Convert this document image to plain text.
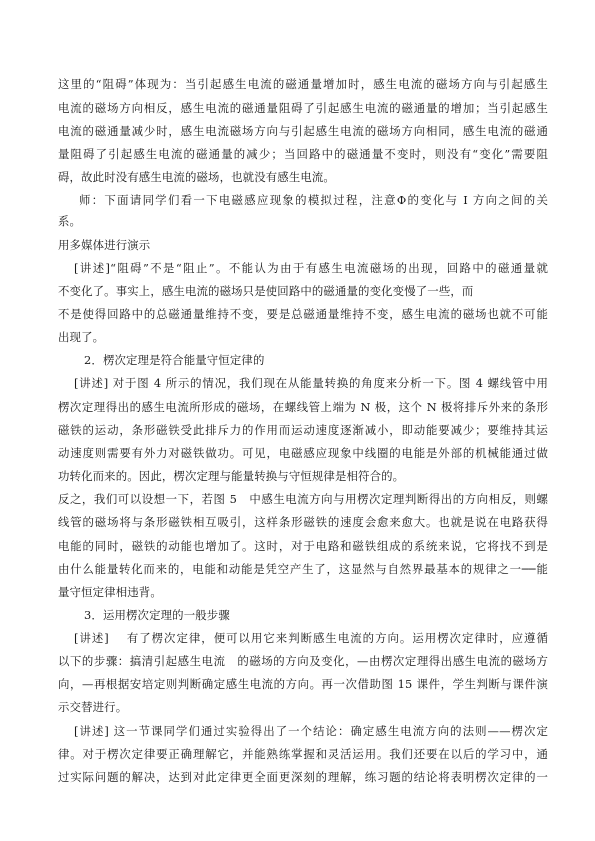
这里的“阻碍”体现为：当引起感生电流的磁通量增加时，感生电流的磁场方向与引起感生
电流的磁场方向相反，感生电流的磁通量阻碍了引起感生电流的磁通量的增加；当引起感生
电流的磁通量减少时，感生电流磁场方向与引起感生电流的磁场方向相同，感生电流的磁通
量阻碍了引起感生电流的磁通量的减少；当回路中的磁通量不变时，则没有“变化”需要阻
碍，故此时没有感生电流的磁场，也就没有感生电流。
师：下面请同学们看一下电磁感应现象的模拟过程，注意Φ的变化与 I 方向之间的关
系。
用多媒体进行演示
[讲述]“阻碍”不是“阻止”。不能认为由于有感生电流磁场的出现，回路中的磁通量就
不变化了。事实上，感生电流的磁场只是使回路中的磁通量的变化变慢了一些，而
不是使得回路中的总磁通量维持不变，要是总磁通量维持不变，感生电流的磁场也就不可能
出现了。
2．楞次定理是符合能量守恒定律的
[讲述] 对于图 4 所示的情况，我们现在从能量转换的角度来分析一下。图 4 螺线管中用
楞次定理得出的感生电流所形成的磁场，在螺线管上端为 N 极，这个 N 极将排斥外来的条形
磁铁的运动，条形磁铁受此排斥力的作用而运动速度逐渐减小，即动能要减少；要维持其运
动速度则需要有外力对磁铁做功。可见，电磁感应现象中线圈的电能是外部的机械能通过做
功转化而来的。因此，楞次定理与能量转换与守恒规律是相符合的。
反之，我们可以设想一下，若图 5　中感生电流方向与用楞次定理判断得出的方向相反，则螺
线管的磁场将与条形磁铁相互吸引，这样条形磁铁的速度会愈来愈大。也就是说在电路获得
电能的同时，磁铁的动能也增加了。这时，对于电路和磁铁组成的系统来说，它将找不到是
由什么能量转化而来的，电能和动能是凭空产生了，这显然与自然界最基本的规律之一──能
量守恒定律相违背。
3．运用楞次定理的一般步骤
[讲述]　 有了楞次定律，便可以用它来判断感生电流的方向。运用楞次定律时，应遵循
以下的步骤：搞清引起感生电流　的磁场的方向及变化，—由楞次定理得出感生电流的磁场方
向，—再根据安培定则判断确定感生电流的方向。再一次借助图 15 课件，学生判断与课件演
示交替进行。
[讲述] 这一节课同学们通过实验得出了一个结论：确定感生电流方向的法则——楞次定
律。对于楞次定律要正确理解它，并能熟练掌握和灵活运用。我们还要在以后的学习中，通
过实际问题的解决，达到对此定律更全面更深刻的理解，练习题的结论将表明楞次定律的一
